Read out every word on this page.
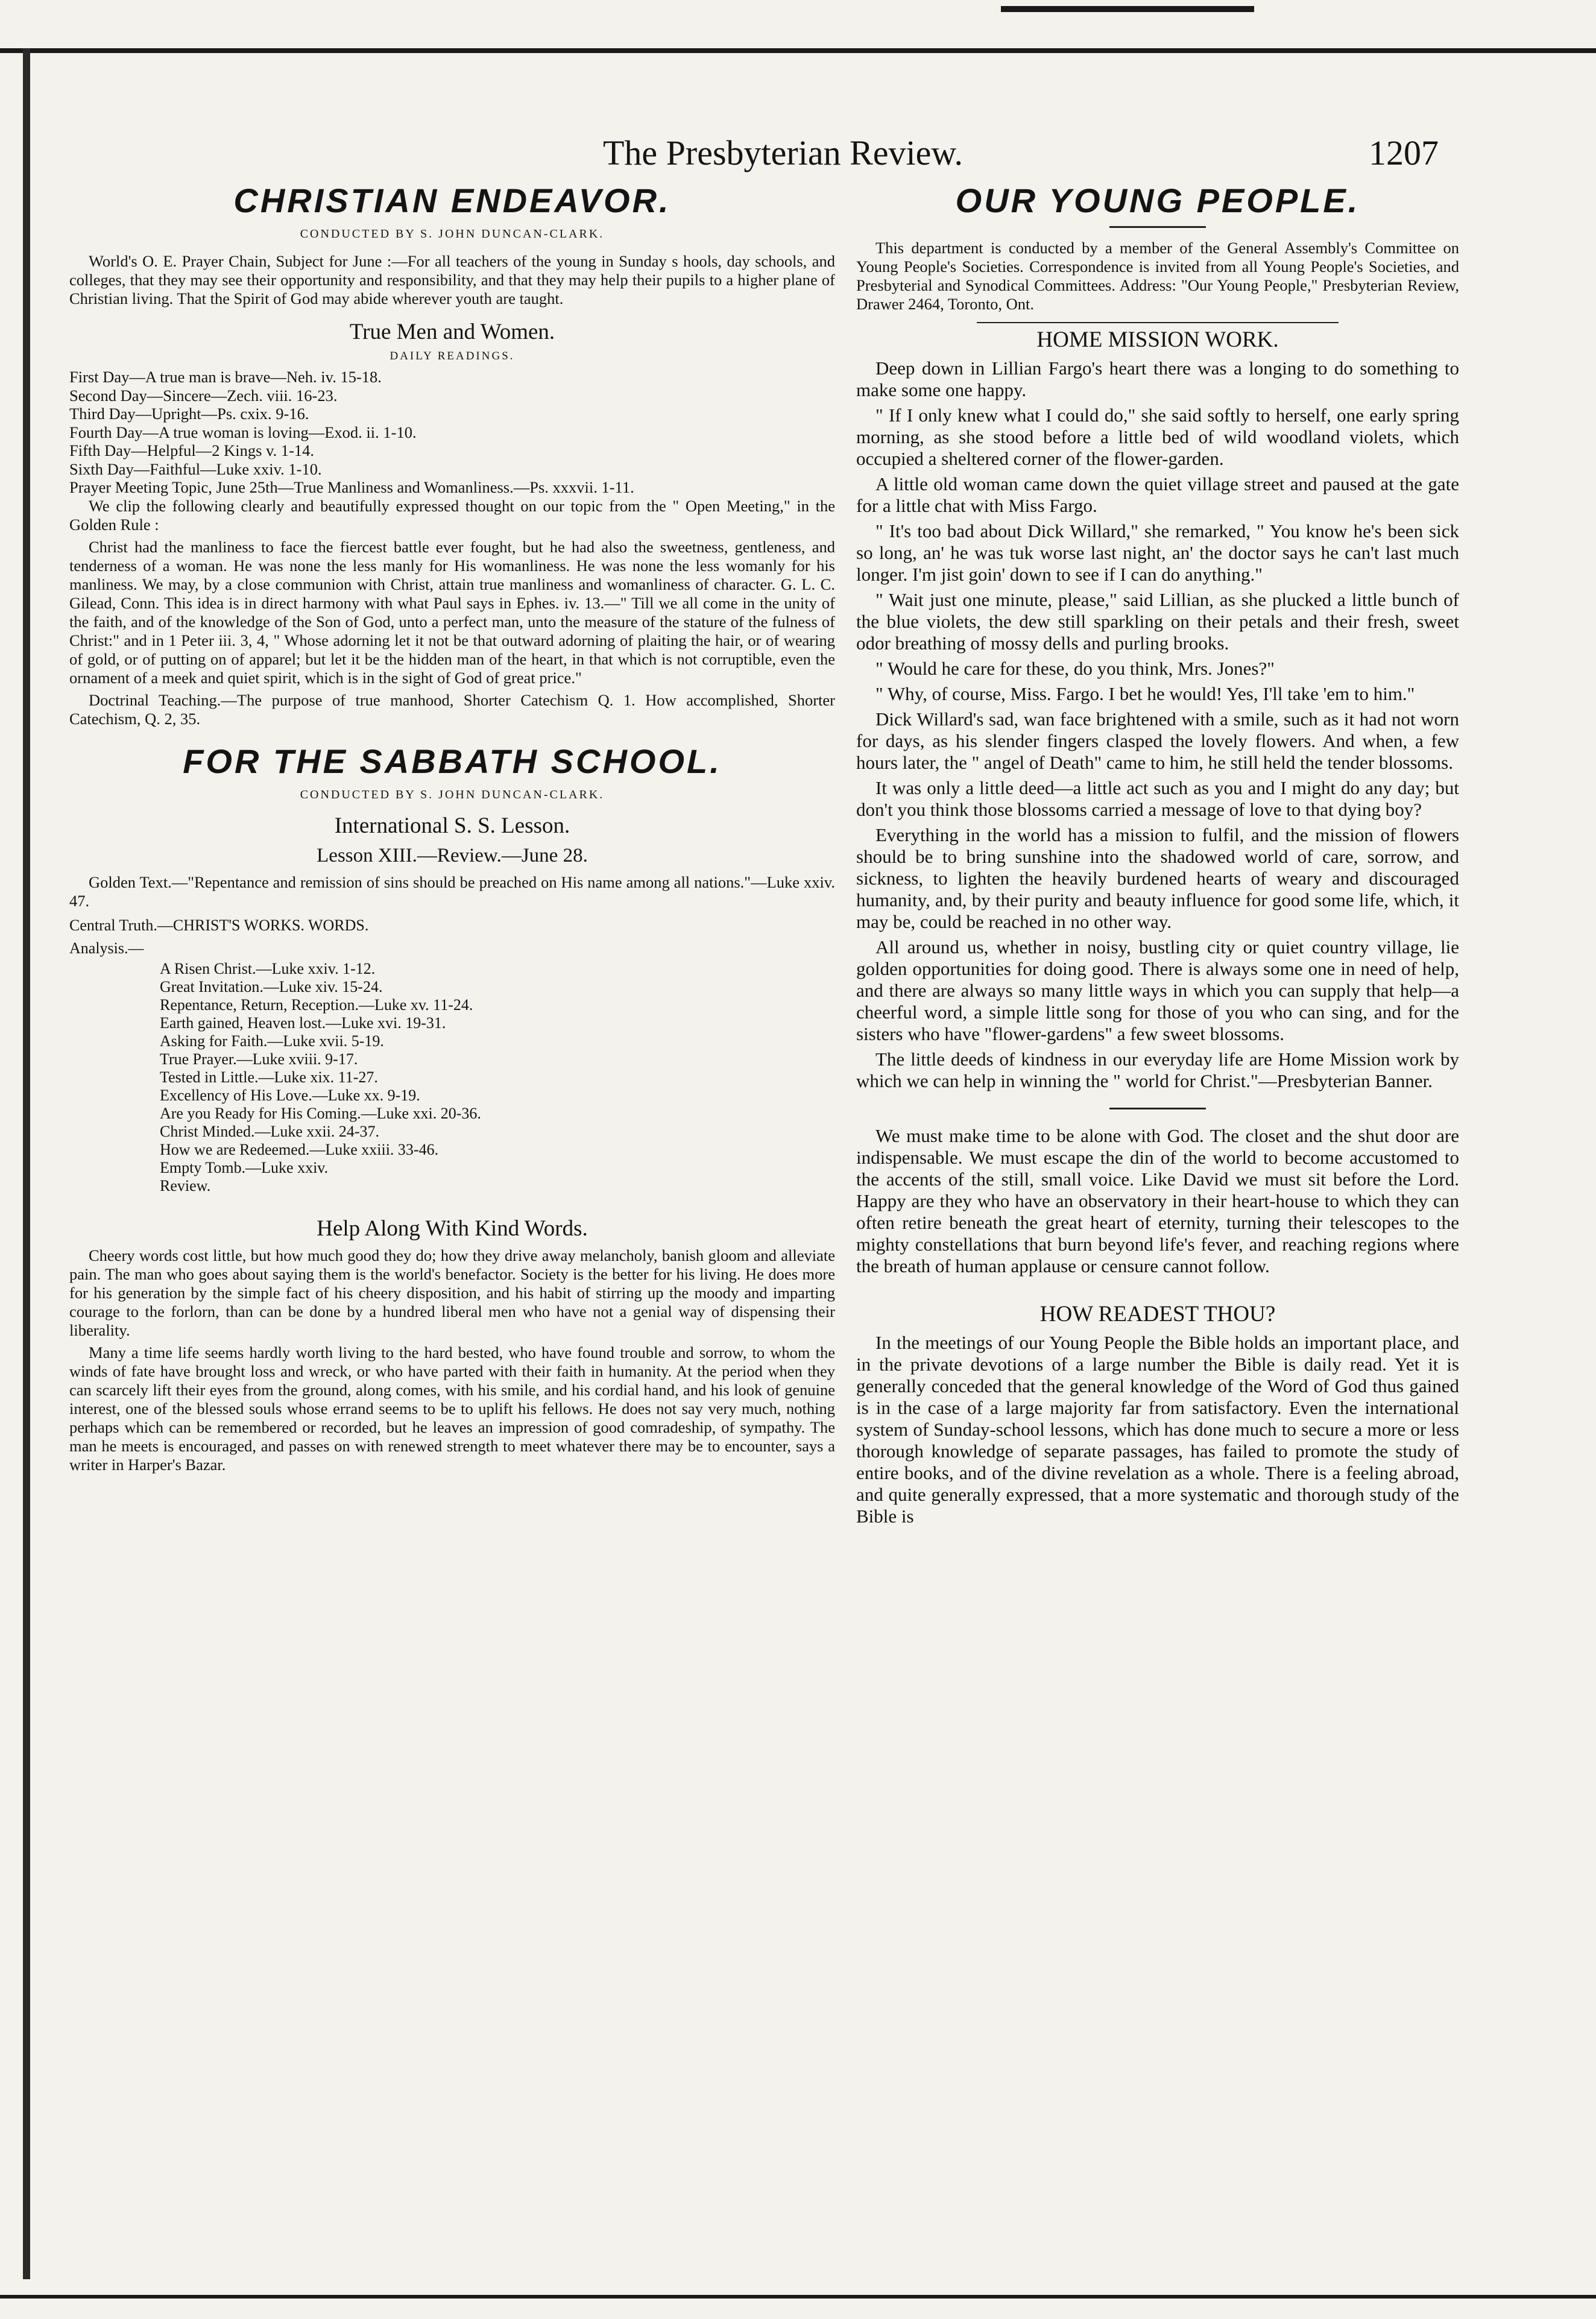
The Presbyterian Review.	1207
CHRISTIAN ENDEAVOR.
CONDUCTED BY S. JOHN DUNCAN-CLARK.

World's O. E. Prayer Chain, Subject for June :—For all teachers of the young in Sunday s hools, day schools, and colleges, that they may see their opportunity and responsibility, and that they may help their pupils to a higher plane of Christian living. That the Spirit of God may abide wherever youth are taught.

True Men and Women.
DAILY READINGS.
First Day—A true man is brave—Neh. iv. 15-18.
Second Day—Sincere—Zech. viii. 16-23.
Third Day—Upright—Ps. cxix. 9-16.
Fourth Day—A true woman is loving—Exod. ii. 1-10.
Fifth Day—Helpful—2 Kings v. 1-14.
Sixth Day—Faithful—Luke xxiv. 1-10.
Prayer Meeting Topic, June 25th—True Manliness and Womanliness.—Ps. xxxvii. 1-11.

We clip the following clearly and beautifully expressed thought on our topic from the " Open Meeting," in the Golden Rule :

Christ had the manliness to face the fiercest battle ever fought, but he had also the sweetness, gentleness, and tenderness of a woman. He was none the less manly for His womanliness. He was none the less womanly for his manliness. We may, by a close communion with Christ, attain true manliness and womanliness of character. G. L. C. Gilead, Conn. This idea is in direct harmony with what Paul says in Ephes. iv. 13.—" Till we all come in the unity of the faith, and of the knowledge of the Son of God, unto a perfect man, unto the measure of the stature of the fulness of Christ:" and in 1 Peter iii. 3, 4, " Whose adorning let it not be that outward adorning of plaiting the hair, or of wearing of gold, or of putting on of apparel; but let it be the hidden man of the heart, in that which is not corruptible, even the ornament of a meek and quiet spirit, which is in the sight of God of great price."

Doctrinal Teaching.—The purpose of true manhood, Shorter Catechism Q. 1. How accomplished, Shorter Catechism, Q. 2, 35.

FOR THE SABBATH SCHOOL.
CONDUCTED BY S. JOHN DUNCAN-CLARK.
International S. S. Lesson.
Lesson XIII.—Review.—June 28.

Golden Text.—"Repentance and remission of sins should be preached on His name among all nations."—Luke xxiv. 47.

Central Truth.—CHRIST'S WORKS. WORDS.
Analysis.—
A Risen Christ.—Luke xxiv. 1-12.
Great Invitation.—Luke xiv. 15-24.
Repentance, Return, Reception.—Luke xv. 11-24.
Earth gained, Heaven lost.—Luke xvi. 19-31.
Asking for Faith.—Luke xvii. 5-19.
True Prayer.—Luke xviii. 9-17.
Tested in Little.—Luke xix. 11-27.
Excellency of His Love.—Luke xx. 9-19.
Are you Ready for His Coming.—Luke xxi. 20-36.
Christ Minded.—Luke xxii. 24-37.
How we are Redeemed.—Luke xxiii. 33-46.
Empty Tomb.—Luke xxiv.
Review.
Help Along With Kind Words.

Cheery words cost little, but how much good they do; how they drive away melancholy, banish gloom and alleviate pain. The man who goes about saying them is the world's benefactor. Society is the better for his living. He does more for his generation by the simple fact of his cheery disposition, and his habit of stirring up the moody and imparting courage to the forlorn, than can be done by a hundred liberal men who have not a genial way of dispensing their liberality.

Many a time life seems hardly worth living to the hard bested, who have found trouble and sorrow, to whom the winds of fate have brought loss and wreck, or who have parted with their faith in humanity. At the period when they can scarcely lift their eyes from the ground, along comes, with his smile, and his cordial hand, and his look of genuine interest, one of the blessed souls whose errand seems to be to uplift his fellows. He does not say very much, nothing perhaps which can be remembered or recorded, but he leaves an impression of good comradeship, of sympathy. The man he meets is encouraged, and passes on with renewed strength to meet whatever there may be to encounter, says a writer in Harper's Bazar.

OUR YOUNG PEOPLE.

This department is conducted by a member of the General Assembly's Committee on Young People's Societies. Correspondence is invited from all Young People's Societies, and Presbyterial and Synodical Committees. Address: "Our Young People," Presbyterian Review, Drawer 2464, Toronto, Ont.

HOME MISSION WORK.

Deep down in Lillian Fargo's heart there was a longing to do something to make some one happy.

" If I only knew what I could do," she said softly to herself, one early spring morning, as she stood before a little bed of wild woodland violets, which occupied a sheltered corner of the flower-garden.

A little old woman came down the quiet village street and paused at the gate for a little chat with Miss Fargo.

" It's too bad about Dick Willard," she remarked, " You know he's been sick so long, an' he was tuk worse last night, an' the doctor says he can't last much longer. I'm jist goin' down to see if I can do anything."

" Wait just one minute, please," said Lillian, as she plucked a little bunch of the blue violets, the dew still sparkling on their petals and their fresh, sweet odor breathing of mossy dells and purling brooks.

" Would he care for these, do you think, Mrs. Jones?"

" Why, of course, Miss. Fargo. I bet he would! Yes, I'll take 'em to him."

Dick Willard's sad, wan face brightened with a smile, such as it had not worn for days, as his slender fingers clasped the lovely flowers. And when, a few hours later, the " angel of Death" came to him, he still held the tender blossoms.

It was only a little deed—a little act such as you and I might do any day; but don't you think those blossoms carried a message of love to that dying boy?

Everything in the world has a mission to fulfil, and the mission of flowers should be to bring sunshine into the shadowed world of care, sorrow, and sickness, to lighten the heavily burdened hearts of weary and discouraged humanity, and, by their purity and beauty influence for good some life, which, it may be, could be reached in no other way.

All around us, whether in noisy, bustling city or quiet country village, lie golden opportunities for doing good. There is always some one in need of help, and there are always so many little ways in which you can supply that help—a cheerful word, a simple little song for those of you who can sing, and for the sisters who have "flower-gardens" a few sweet blossoms.

The little deeds of kindness in our everyday life are Home Mission work by which we can help in winning the " world for Christ."—Presbyterian Banner.

We must make time to be alone with God. The closet and the shut door are indispensable. We must escape the din of the world to become accustomed to the accents of the still, small voice. Like David we must sit before the Lord. Happy are they who have an observatory in their heart-house to which they can often retire beneath the great heart of eternity, turning their telescopes to the mighty constellations that burn beyond life's fever, and reaching regions where the breath of human applause or censure cannot follow.

HOW READEST THOU?

In the meetings of our Young People the Bible holds an important place, and in the private devotions of a large number the Bible is daily read. Yet it is generally conceded that the general knowledge of the Word of God thus gained is in the case of a large majority far from satisfactory. Even the international system of Sunday-school lessons, which has done much to secure a more or less thorough knowledge of separate passages, has failed to promote the study of entire books, and of the divine revelation as a whole. There is a feeling abroad, and quite generally expressed, that a more systematic and thorough study of the Bible is
